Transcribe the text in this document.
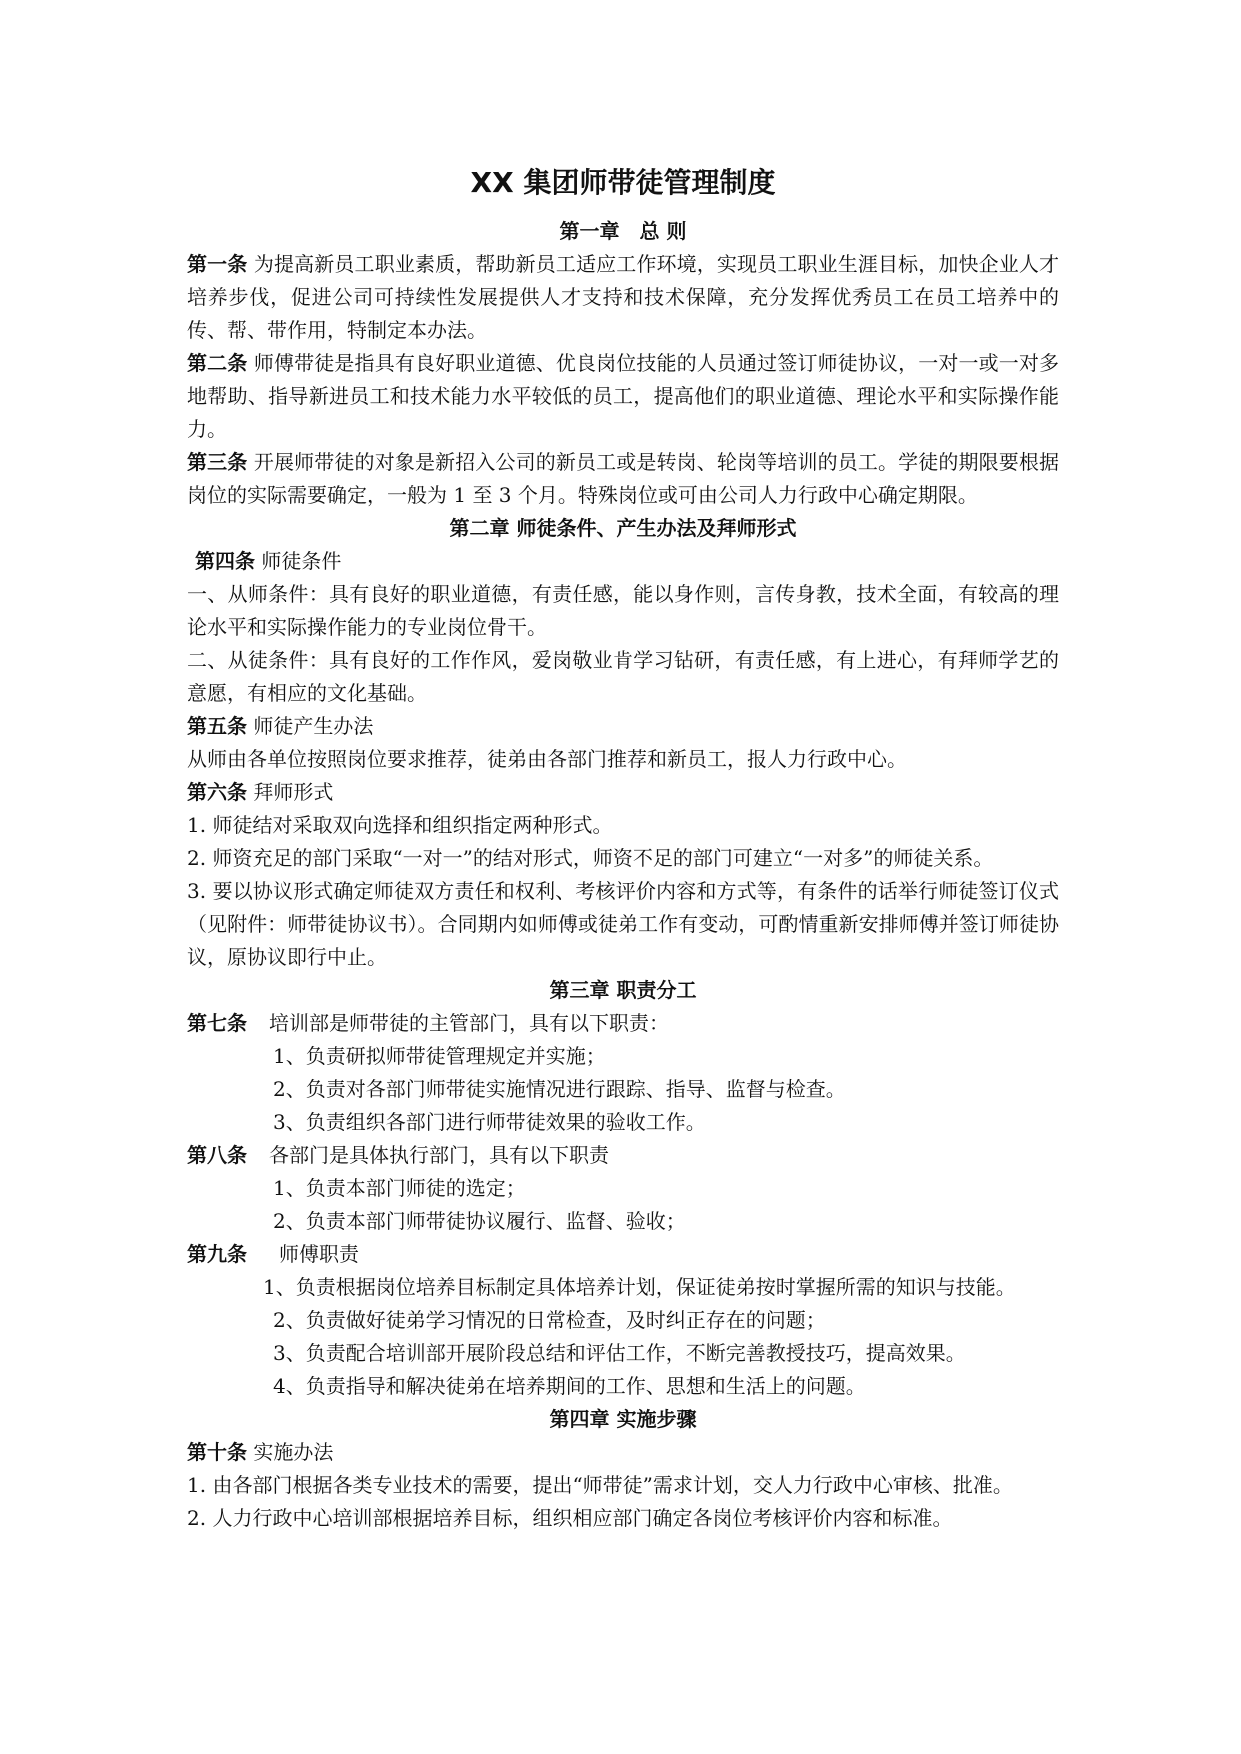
XX 集团师带徒管理制度
第一章　总 则

第一条 为提高新员工职业素质，帮助新员工适应工作环境，实现员工职业生涯目标，加快企业人才培养步伐，促进公司可持续性发展提供人才支持和技术保障，充分发挥优秀员工在员工培养中的传、帮、带作用，特制定本办法。

第二条 师傅带徒是指具有良好职业道德、优良岗位技能的人员通过签订师徒协议，一对一或一对多地帮助、指导新进员工和技术能力水平较低的员工，提高他们的职业道德、理论水平和实际操作能力。

第三条 开展师带徒的对象是新招入公司的新员工或是转岗、轮岗等培训的员工。学徒的期限要根据岗位的实际需要确定，一般为 1 至 3 个月。特殊岗位或可由公司人力行政中心确定期限。

第二章 师徒条件、产生办法及拜师形式

第四条 师徒条件

一、从师条件：具有良好的职业道德，有责任感，能以身作则，言传身教，技术全面，有较高的理论水平和实际操作能力的专业岗位骨干。

二、从徒条件：具有良好的工作作风，爱岗敬业肯学习钻研，有责任感，有上进心，有拜师学艺的意愿，有相应的文化基础。

第五条 师徒产生办法

从师由各单位按照岗位要求推荐，徒弟由各部门推荐和新员工，报人力行政中心。

第六条 拜师形式

1. 师徒结对采取双向选择和组织指定两种形式。

2. 师资充足的部门采取“一对一”的结对形式，师资不足的部门可建立“一对多”的师徒关系。

3. 要以协议形式确定师徒双方责任和权利、考核评价内容和方式等，有条件的话举行师徒签订仪式（见附件：师带徒协议书）。合同期内如师傅或徒弟工作有变动，可酌情重新安排师傅并签订师徒协议，原协议即行中止。

第三章 职责分工

第七条 培训部是师带徒的主管部门，具有以下职责：

1、负责研拟师带徒管理规定并实施；

2、负责对各部门师带徒实施情况进行跟踪、指导、监督与检查。

3、负责组织各部门进行师带徒效果的验收工作。

第八条 各部门是具体执行部门，具有以下职责

1、负责本部门师徒的选定；

2、负责本部门师带徒协议履行、监督、验收；

第九条 师傅职责

1、负责根据岗位培养目标制定具体培养计划，保证徒弟按时掌握所需的知识与技能。

2、负责做好徒弟学习情况的日常检查，及时纠正存在的问题；

3、负责配合培训部开展阶段总结和评估工作，不断完善教授技巧，提高效果。

4、负责指导和解决徒弟在培养期间的工作、思想和生活上的问题。

第四章 实施步骤

第十条 实施办法

1. 由各部门根据各类专业技术的需要，提出“师带徒”需求计划，交人力行政中心审核、批准。

2. 人力行政中心培训部根据培养目标，组织相应部门确定各岗位考核评价内容和标准。
